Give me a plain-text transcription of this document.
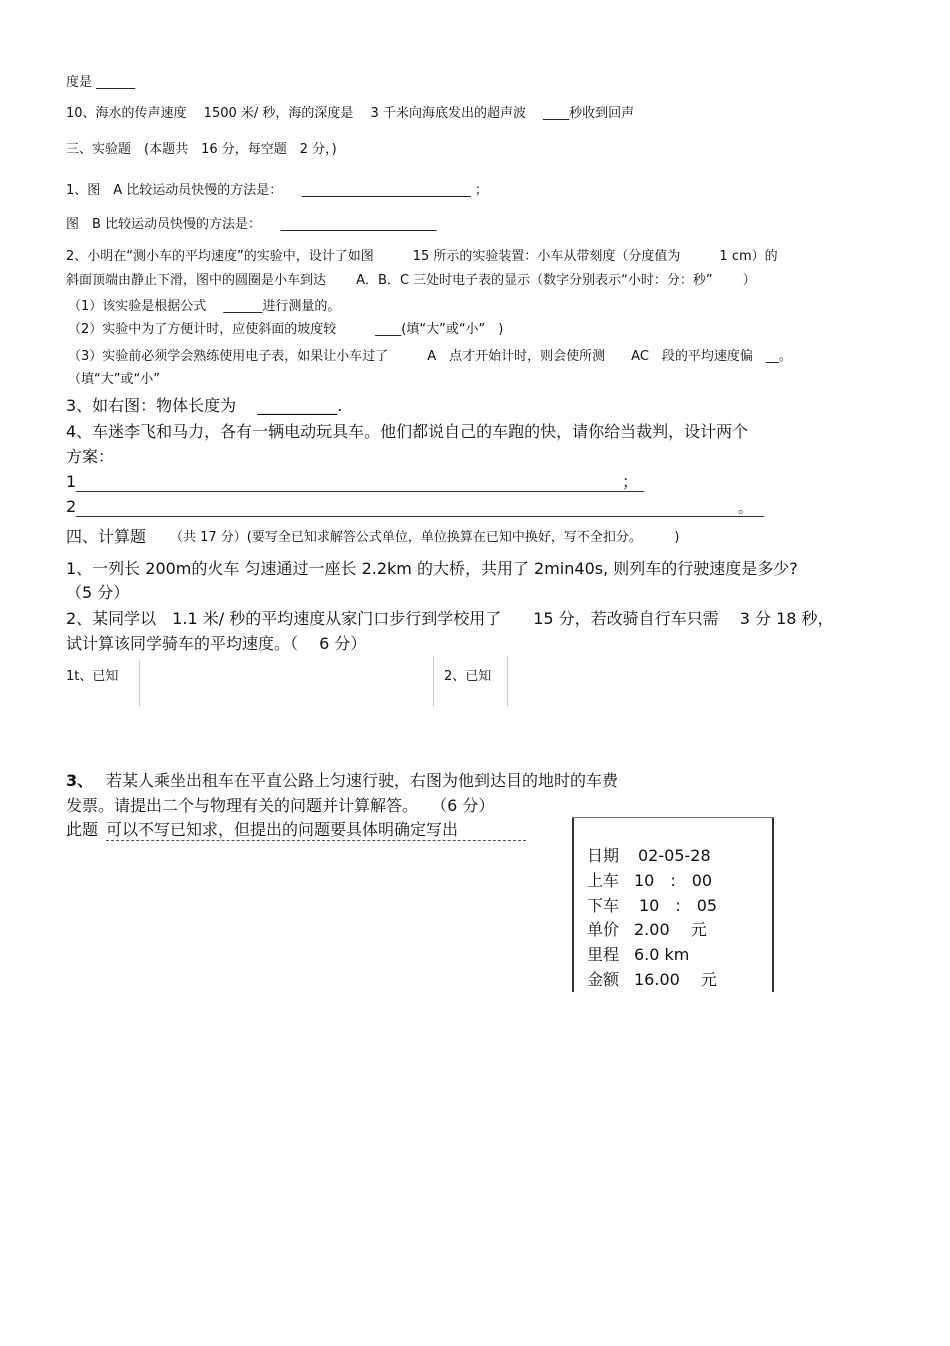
度是 ______
10、海水的传声速度　 1500 米/ 秒，海的深度是　 3 千米向海底发出的超声波　 ____秒收到回声
三、实验题　(本题共　16 分，每空题　2 分，)
1、图　A 比较运动员快慢的方法是：　　__________________________ ；
图　B 比较运动员快慢的方法是：　　________________________
2、小明在“测小车的平均速度”的实验中，设计了如图　　　15 所示的实验装置：小车从带刻度（分度值为　　　1 cm）的
斜面顶端由静止下滑，图中的圆圈是小车到达　　 A．B．C 三处时电子表的显示（数字分别表示“小时：分：秒”　　 ）
（1）该实验是根据公式　 ______进行测量的。
（2）实验中为了方便计时，应使斜面的坡度较　　　____(填“大”或“小”　)
（3）实验前必须学会熟练使用电子表，如果让小车过了　　　A　点才开始计时，则会使所测　　AC　段的平均速度偏　__。
（填“大”或“小”
3、如右图：物体长度为　 __________.
4、车迷李飞和马力，各有一辆电动玩具车。他们都说自己的车跑的快，请你给当裁判，设计两个
方案：
1	；
2	。
四、计算题 （共 17 分）(要写全已知求解答公式单位，单位换算在已知中换好，写不全扣分。　　　)
1、一列长 200m的火车 匀速通过一座长 2.2km 的大桥，共用了 2min40s, 则列车的行驶速度是多少?
（5 分）
2、某同学以　1.1 米/ 秒的平均速度从家门口步行到学校用了　　15 分，若改骑自行车只需　 3 分 18 秒，
试计算该同学骑车的平均速度。（　 6 分）
1t、已知	2、已知
3、 若某人乘坐出租车在平直公路上匀速行驶，右图为他到达目的地时的车费
发票。请提出二个与物理有关的问题并计算解答。　 （6 分）
此题 可以不写已知求，但提出的问题要具体明确定写出
日期 02-05-28
上车 10　:　00
下车 10　:　05
单价 2.00　 元
里程 6.0 km
金额 16.00　 元
